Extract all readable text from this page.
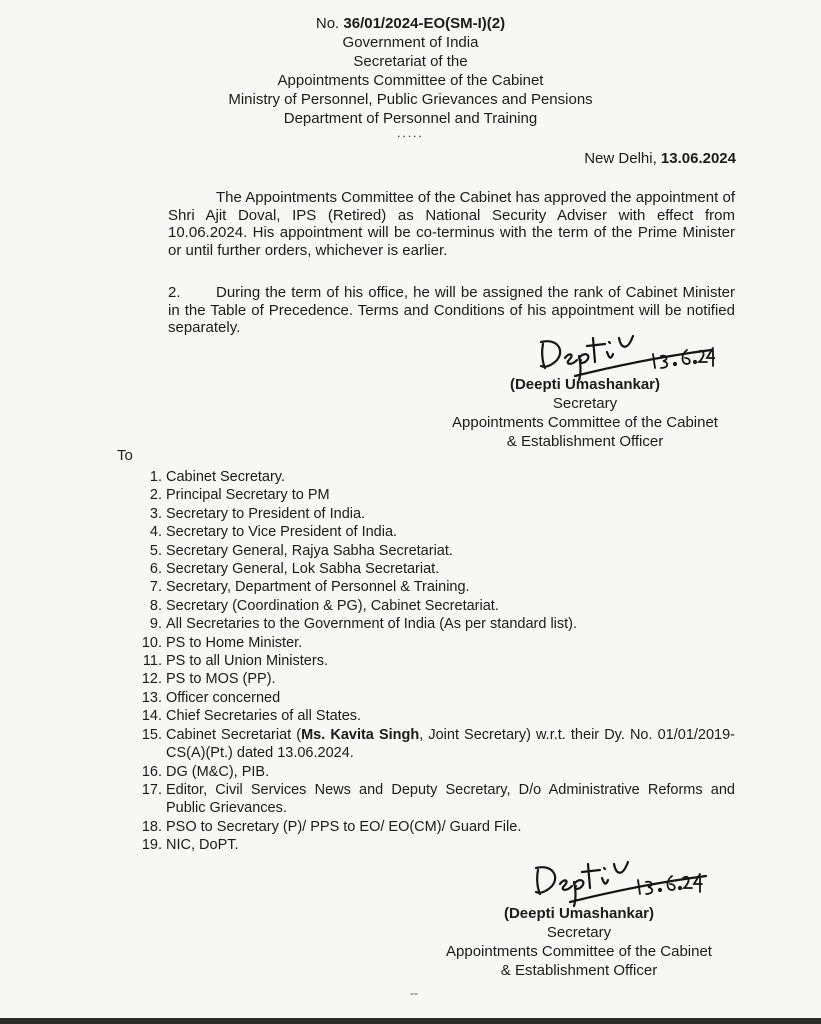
No. 36/01/2024-EO(SM-I)(2)
Government of India
Secretariat of the
Appointments Committee of the Cabinet
Ministry of Personnel, Public Grievances and Pensions
Department of Personnel and Training
.....
New Delhi, 13.06.2024
The Appointments Committee of the Cabinet has approved the appointment of Shri Ajit Doval, IPS (Retired) as National Security Adviser with effect from 10.06.2024. His appointment will be co-terminus with the term of the Prime Minister or until further orders, whichever is earlier.
2. During the term of his office, he will be assigned the rank of Cabinet Minister in the Table of Precedence. Terms and Conditions of his appointment will be notified separately.
(Deepti Umashankar)
Secretary
Appointments Committee of the Cabinet
& Establishment Officer
To
1. Cabinet Secretary.
2. Principal Secretary to PM
3. Secretary to President of India.
4. Secretary to Vice President of India.
5. Secretary General, Rajya Sabha Secretariat.
6. Secretary General, Lok Sabha Secretariat.
7. Secretary, Department of Personnel & Training.
8. Secretary (Coordination & PG), Cabinet Secretariat.
9. All Secretaries to the Government of India (As per standard list).
10. PS to Home Minister.
11. PS to all Union Ministers.
12. PS to MOS (PP).
13. Officer concerned
14. Chief Secretaries of all States.
15. Cabinet Secretariat (Ms. Kavita Singh, Joint Secretary) w.r.t. their Dy. No. 01/01/2019-CS(A)(Pt.) dated 13.06.2024.
16. DG (M&C), PIB.
17. Editor, Civil Services News and Deputy Secretary, D/o Administrative Reforms and Public Grievances.
18. PSO to Secretary (P)/ PPS to EO/ EO(CM)/ Guard File.
19. NIC, DoPT.
(Deepti Umashankar)
Secretary
Appointments Committee of the Cabinet
& Establishment Officer
--
